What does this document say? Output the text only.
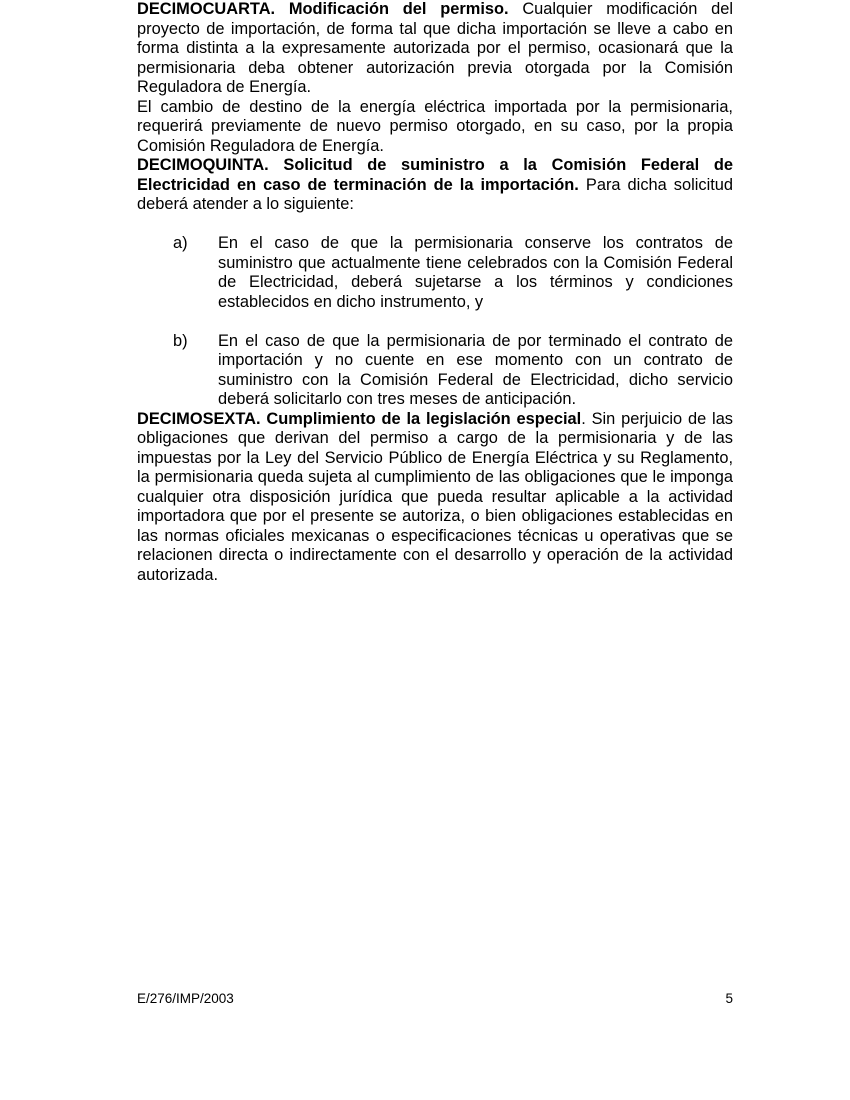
DECIMOCUARTA. Modificación del permiso. Cualquier modificación del proyecto de importación, de forma tal que dicha importación se lleve a cabo en forma distinta a la expresamente autorizada por el permiso, ocasionará que la permisionaria deba obtener autorización previa otorgada por la Comisión Reguladora de Energía.

El cambio de destino de la energía eléctrica importada por la permisionaria, requerirá previamente de nuevo permiso otorgado, en su caso, por la propia Comisión Reguladora de Energía.

DECIMOQUINTA. Solicitud de suministro a la Comisión Federal de Electricidad en caso de terminación de la importación. Para dicha solicitud deberá atender a lo siguiente:

a)	En el caso de que la permisionaria conserve los contratos de suministro que actualmente tiene celebrados con la Comisión Federal de Electricidad, deberá sujetarse a los términos y condiciones establecidos en dicho instrumento, y
b)	En el caso de que la permisionaria de por terminado el contrato de importación y no cuente en ese momento con un contrato de suministro con la Comisión Federal de Electricidad, dicho servicio deberá solicitarlo con tres meses de anticipación.

DECIMOSEXTA. Cumplimiento de la legislación especial. Sin perjuicio de las obligaciones que derivan del permiso a cargo de la permisionaria y de las impuestas por la Ley del Servicio Público de Energía Eléctrica y su Reglamento, la permisionaria queda sujeta al cumplimiento de las obligaciones que le imponga cualquier otra disposición jurídica que pueda resultar aplicable a la actividad importadora que por el presente se autoriza, o bien obligaciones establecidas en las normas oficiales mexicanas o especificaciones técnicas u operativas que se relacionen directa o indirectamente con el desarrollo y operación de la actividad autorizada.

E/276/IMP/2003	5
